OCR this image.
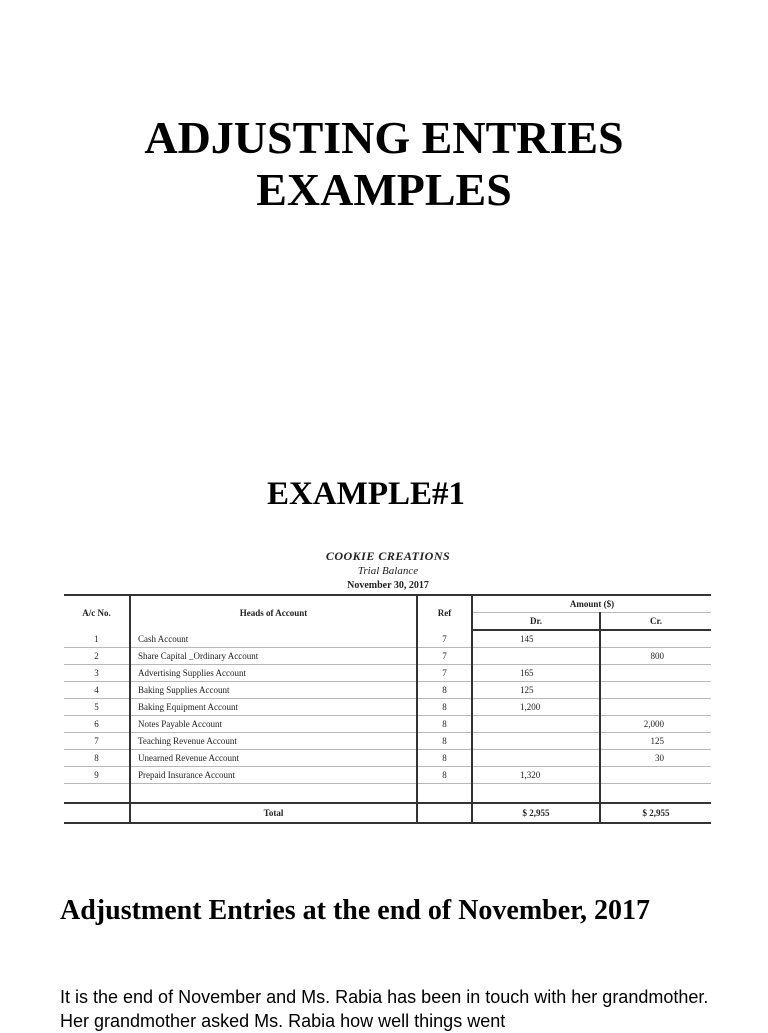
ADJUSTING ENTRIES
EXAMPLES
EXAMPLE#1
COOKIE CREATIONS
Trial Balance
November 30, 2017
A/c No.	Heads of Account	Ref	Amount ($)	
			Dr.	Cr.
1	Cash Account	7	145	
2	Share Capital _Ordinary Account	7		800
3	Advertising Supplies Account	7	165	
4	Baking Supplies Account	8	125	
5	Baking Equipment Account	8	1,200	
6	Notes Payable Account	8		2,000
7	Teaching Revenue Account	8		125
8	Unearned Revenue Account	8		30
9	Prepaid Insurance Account	8	1,320	

	Total		$ 2,955	$ 2,955
Adjustment Entries at the end of November, 2017
It is the end of November and Ms. Rabia has been in touch with her grandmother. Her grandmother asked Ms. Rabia how well things went
